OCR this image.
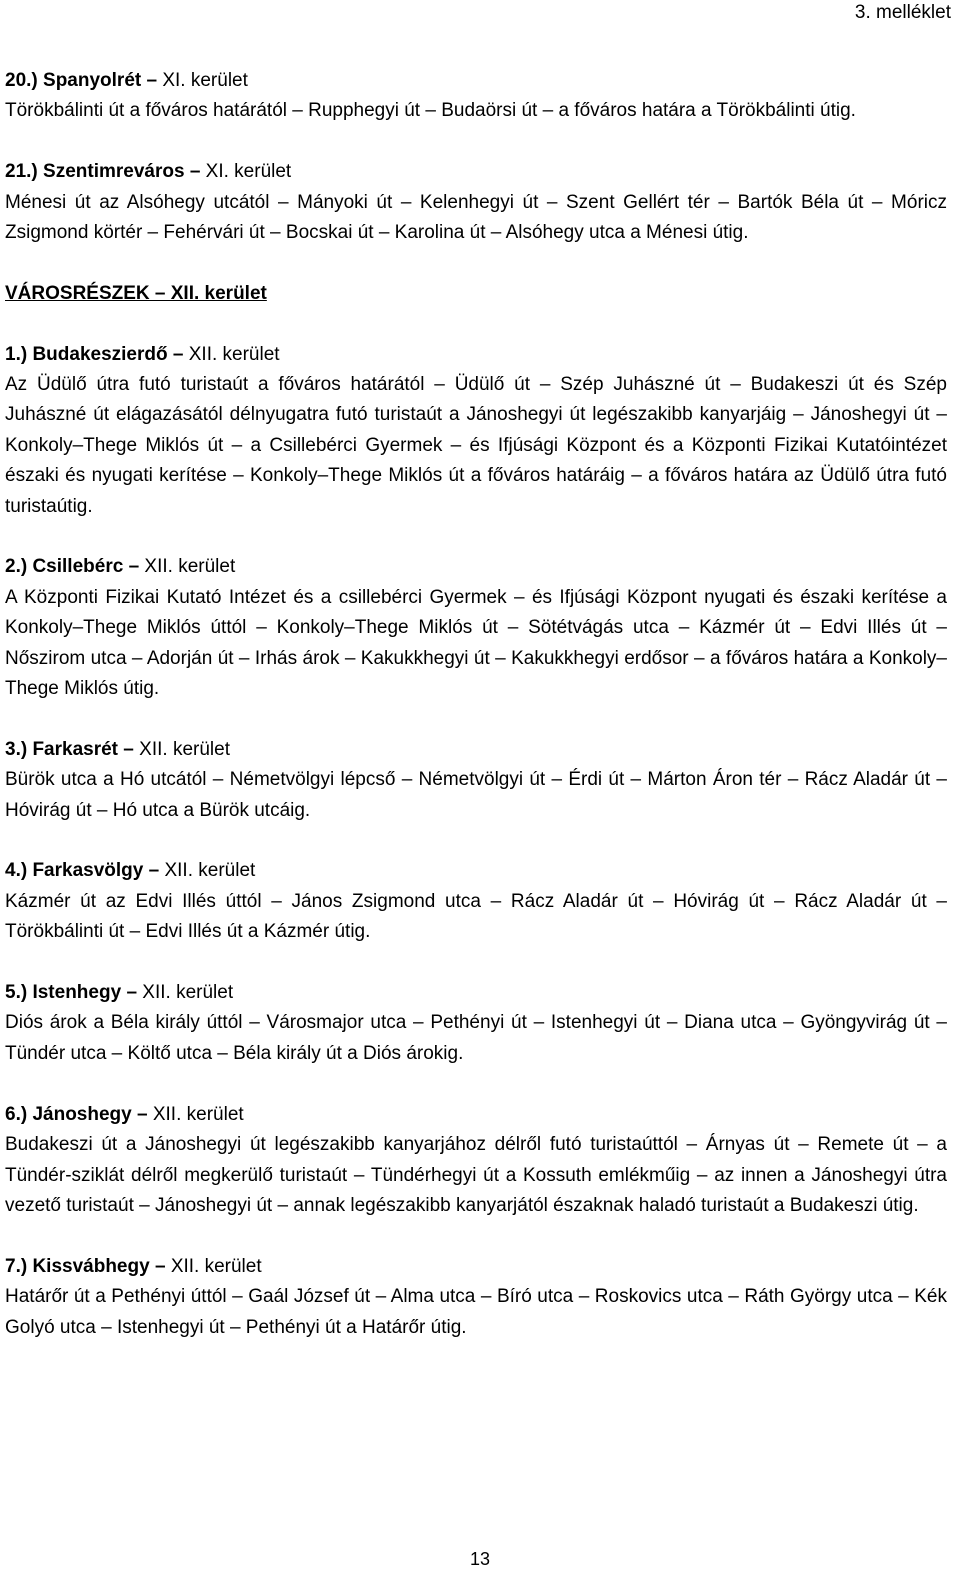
3. melléklet
20.) Spanyolrét – XI. kerület
Törökbálinti út a főváros határától – Rupphegyi út – Budaörsi út – a főváros határa a Törökbálinti útig.
21.) Szentimreváros – XI. kerület
Ménesi út az Alsóhegy utcától – Mányoki út – Kelenhegyi út – Szent Gellért tér – Bartók Béla út – Móricz Zsigmond körtér – Fehérvári út – Bocskai út – Karolina út – Alsóhegy utca a Ménesi útig.
VÁROSRÉSZEK – XII. kerület
1.) Budakeszierdő – XII. kerület
Az Üdülő útra futó turistaút a főváros határától – Üdülő út – Szép Juhászné út – Budakeszi út és Szép Juhászné út elágazásától délnyugatra futó turistaút a Jánoshegyi út legészakibb kanyarjáig – Jánoshegyi út – Konkoly–Thege Miklós út – a Csillebérci Gyermek – és Ifjúsági Központ és a Központi Fizikai Kutatóintézet északi és nyugati kerítése – Konkoly–Thege Miklós út a főváros határáig – a főváros határa az Üdülő útra futó turistaútig.
2.) Csillebérc – XII. kerület
A Központi Fizikai Kutató Intézet és a csillebérci Gyermek – és Ifjúsági Központ nyugati és északi kerítése a Konkoly–Thege Miklós úttól – Konkoly–Thege Miklós út – Sötétvágás utca – Kázmér út – Edvi Illés út – Nőszirom utca – Adorján út – Irhás árok – Kakukkhegyi út – Kakukkhegyi erdősor – a főváros határa a Konkoly–Thege Miklós útig.
3.) Farkasrét – XII. kerület
Bürök utca a Hó utcától – Németvölgyi lépcső – Németvölgyi út – Érdi út – Márton Áron tér – Rácz Aladár út – Hóvirág út – Hó utca a Bürök utcáig.
4.) Farkasvölgy – XII. kerület
Kázmér út az Edvi Illés úttól – János Zsigmond utca – Rácz Aladár út – Hóvirág út – Rácz Aladár út – Törökbálinti út – Edvi Illés út a Kázmér útig.
5.) Istenhegy – XII. kerület
Diós árok a Béla király úttól – Városmajor utca – Pethényi út – Istenhegyi út – Diana utca – Gyöngyvirág út – Tündér utca – Költő utca – Béla király út a Diós árokig.
6.) Jánoshegy – XII. kerület
Budakeszi út a Jánoshegyi út legészakibb kanyarjához délről futó turistaúttól – Árnyas út – Remete út – a Tündér-sziklát délről megkerülő turistaút – Tündérhegyi út a Kossuth emlékműig – az innen a Jánoshegyi útra vezető turistaút – Jánoshegyi út – annak legészakibb kanyarjától északnak haladó turistaút a Budakeszi útig.
7.) Kissvábhegy – XII. kerület
Határőr út a Pethényi úttól – Gaál József út – Alma utca – Bíró utca – Roskovics utca – Ráth György utca – Kék Golyó utca – Istenhegyi út – Pethényi út a Határőr útig.
13
